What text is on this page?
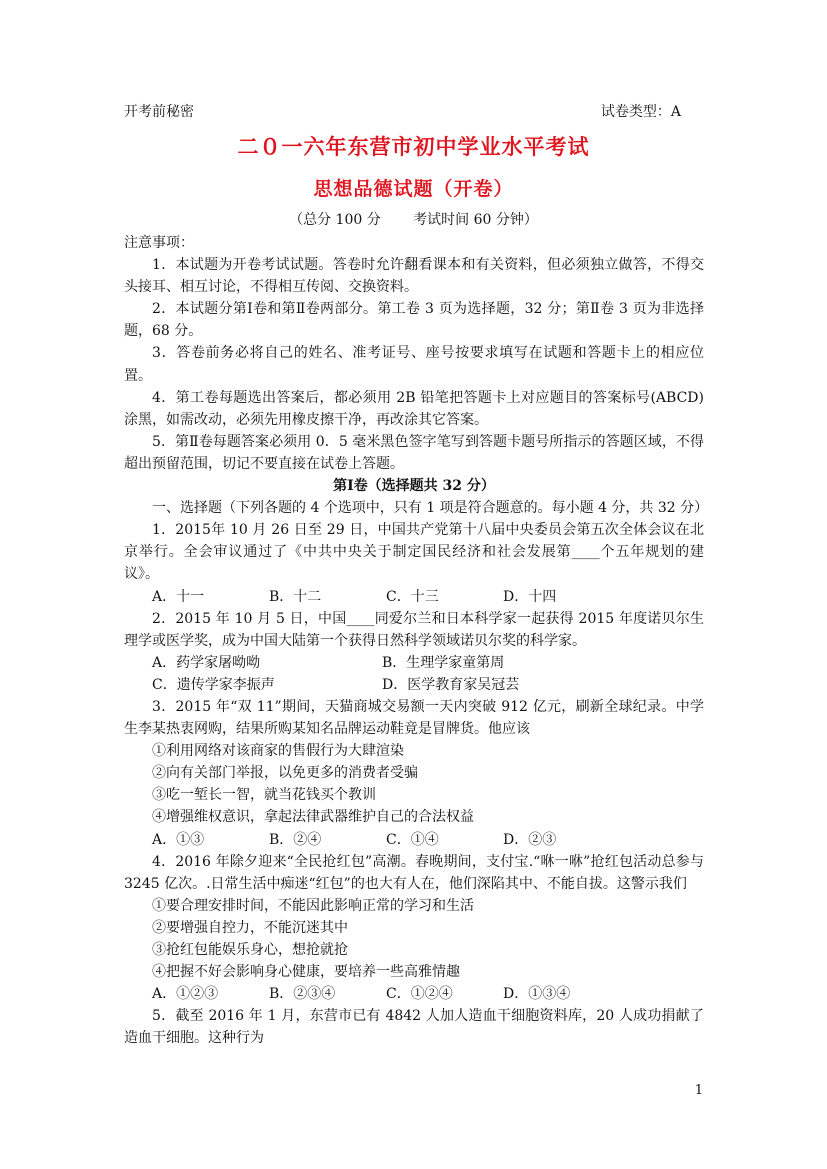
开考前秘密	试卷类型：A
二０一六年东营市初中学业水平考试
思想品德试题（开卷）
（总分 100 分　　 考试时间 60 分钟）

注意事项：

1．本试题为开卷考试试题。答卷时允许翻看课本和有关资料，但必须独立做答，不得交头接耳、相互讨论，不得相互传阅、交换资料。

2．本试题分第Ⅰ卷和第Ⅱ卷两部分。第工卷 3 页为选择题，32 分；第Ⅱ卷 3 页为非选择题，68 分。

3．答卷前务必将自己的姓名、准考证号、座号按要求填写在试题和答题卡上的相应位置。

4．第工卷每题选出答案后，都必须用 2B 铅笔把答题卡上对应题目的答案标号(ABCD)涂黑，如需改动，必须先用橡皮擦干净，再改涂其它答案。

5．第Ⅱ卷每题答案必须用 0．5 毫米黑色签字笔写到答题卡题号所指示的答题区域，不得超出预留范围，切记不要直接在试卷上答题。

第Ⅰ卷（选择题共 32 分）

一、选择题（下列各题的 4 个选项中，只有 1 项是符合题意的。每小题 4 分，共 32 分）

1．2015年 10 月 26 日至 29 日，中国共产党第十八届中央委员会第五次全体会议在北京举行。全会审议通过了《中共中央关于制定国民经济和社会发展第____个五年规划的建议》。

A．十一	B．十二	C．十三	D．十四

2．2015 年 10 月 5 日，中国____同爱尔兰和日本科学家一起获得 2015 年度诺贝尔生理学或医学奖，成为中国大陆第一个获得日然科学领域诺贝尔奖的科学家。

A．药学家屠呦呦	B．生理学家童第周
C．遗传学家李振声	D．医学教育家吴冠芸

3．2015 年“双 11”期间，天猫商城交易额一天内突破 912 亿元，刷新全球纪录。中学生李某热衷网购，结果所购某知名品牌运动鞋竟是冒牌货。他应该

①利用网络对该商家的售假行为大肆渲染

②向有关部门举报，以免更多的消费者受骗

③吃一堑长一智，就当花钱买个教训

④增强维权意识，拿起法律武器维护自己的合法权益

A．①③	B．②④	C．①④	D．②③

4．2016 年除夕迎来“全民抢红包”高潮。春晚期间，支付宝.“咻一咻”抢红包活动总参与 3245 亿次。.日常生活中痴迷“红包”的也大有人在，他们深陷其中、不能自拔。这警示我们

①要合理安排时间，不能因此影响正常的学习和生活

②要增强自控力，不能沉迷其中

③抢红包能娱乐身心，想抢就抢

④把握不好会影响身心健康，要培养一些高雅情趣

A．①②③	B．②③④	C．①②④	D．①③④

5．截至 2016 年 1 月，东营市已有 4842 人加人造血干细胞资料库，20 人成功捐献了造血干细胞。这种行为

1
